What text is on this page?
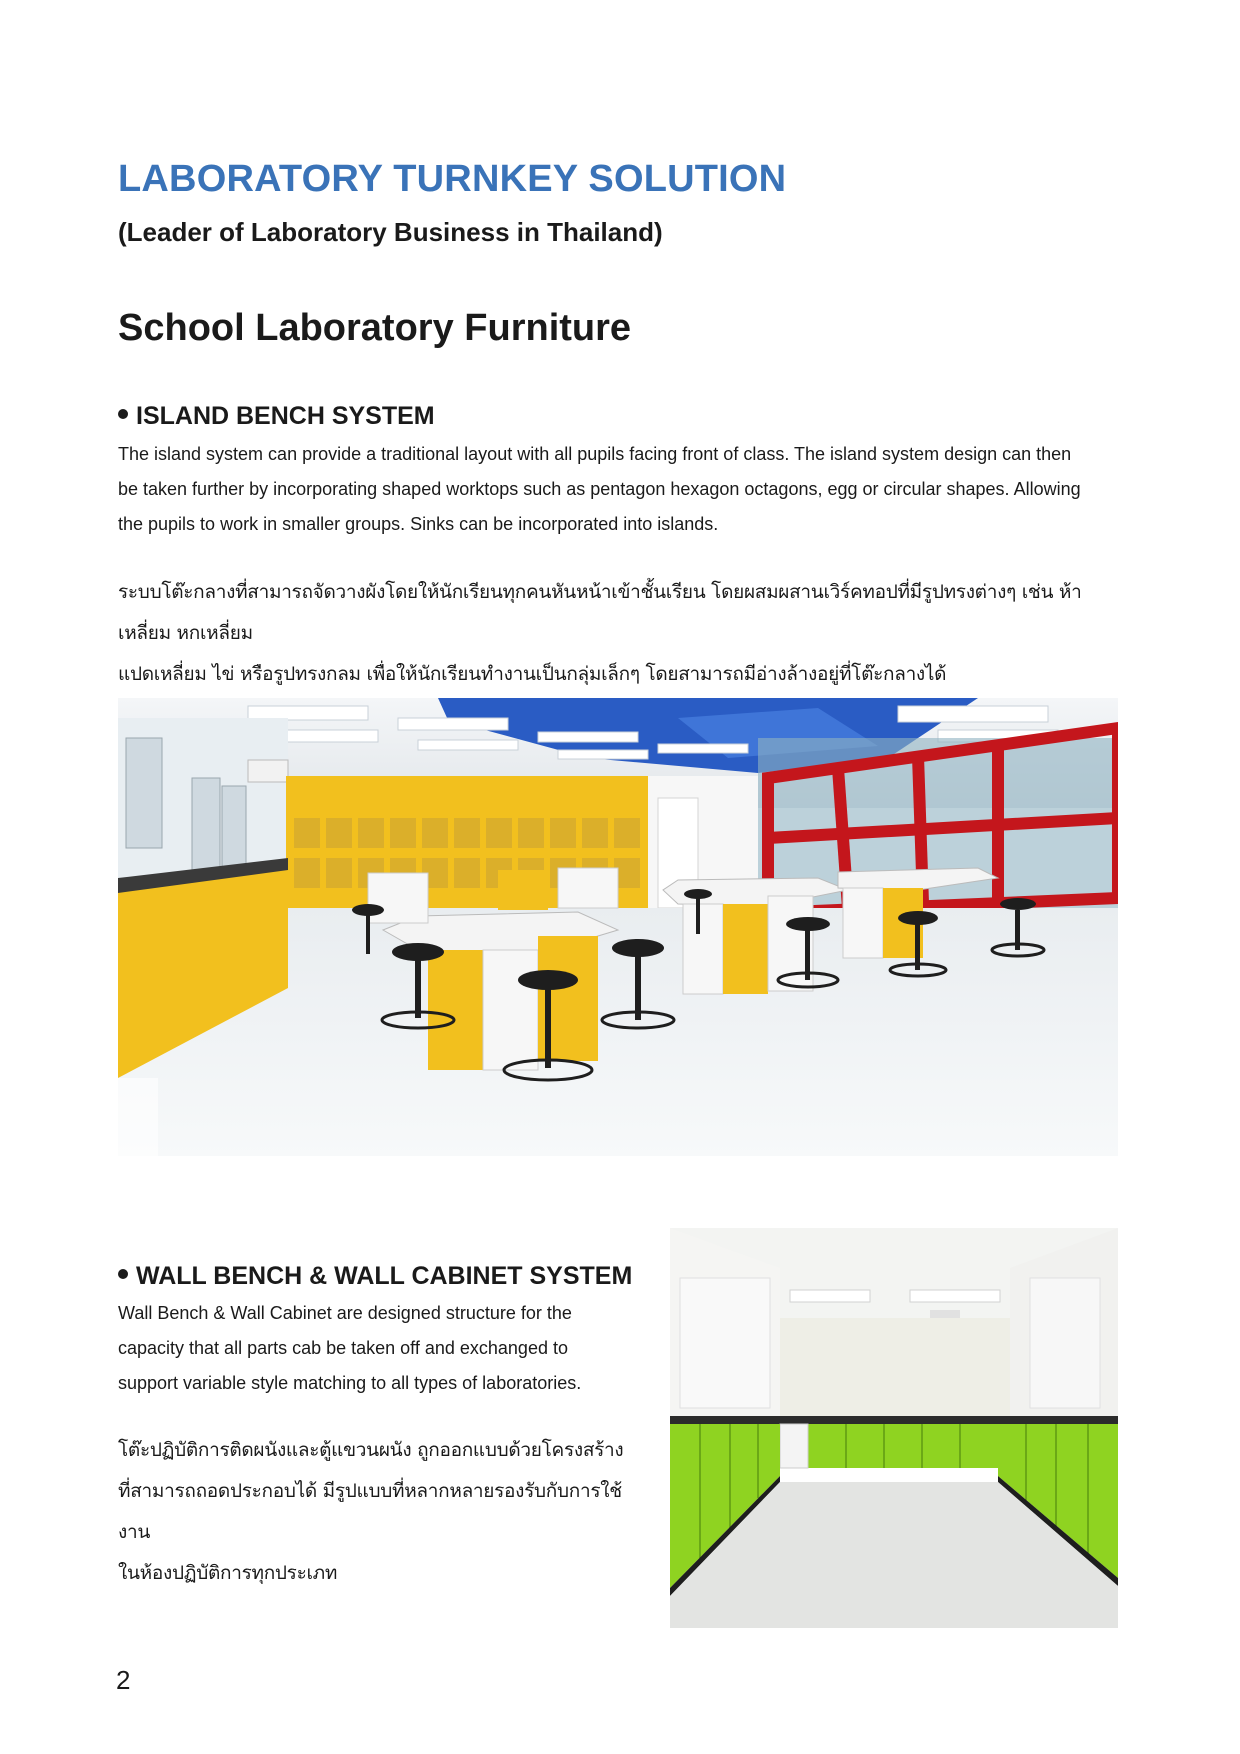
LABORATORY TURNKEY SOLUTION
(Leader of Laboratory Business in Thailand)
School Laboratory Furniture
ISLAND BENCH SYSTEM
The island system can provide a traditional layout with all pupils facing front of class. The island system design can then
be taken further by incorporating shaped worktops such as pentagon hexagon octagons, egg or circular shapes. Allowing
the pupils to work in smaller groups. Sinks can be incorporated into islands.
ระบบโต๊ะกลางที่สามารถจัดวางผังโดยให้นักเรียนทุกคนหันหน้าเข้าชั้นเรียน โดยผสมผสานเวิร์คทอปที่มีรูปทรงต่างๆ เช่น ห้าเหลี่ยม หกเหลี่ยม
แปดเหลี่ยม ไข่ หรือรูปทรงกลม เพื่อให้นักเรียนทำงานเป็นกลุ่มเล็กๆ โดยสามารถมีอ่างล้างอยู่ที่โต๊ะกลางได้
WALL BENCH & WALL CABINET SYSTEM
Wall Bench & Wall Cabinet are designed structure for the
capacity that all parts cab be taken off and exchanged to
support variable style matching to all types of laboratories.
โต๊ะปฏิบัติการติดผนังและตู้แขวนผนัง ถูกออกแบบด้วยโครงสร้าง
ที่สามารถถอดประกอบได้ มีรูปแบบที่หลากหลายรองรับกับการใช้งาน
ในห้องปฏิบัติการทุกประเภท
2
